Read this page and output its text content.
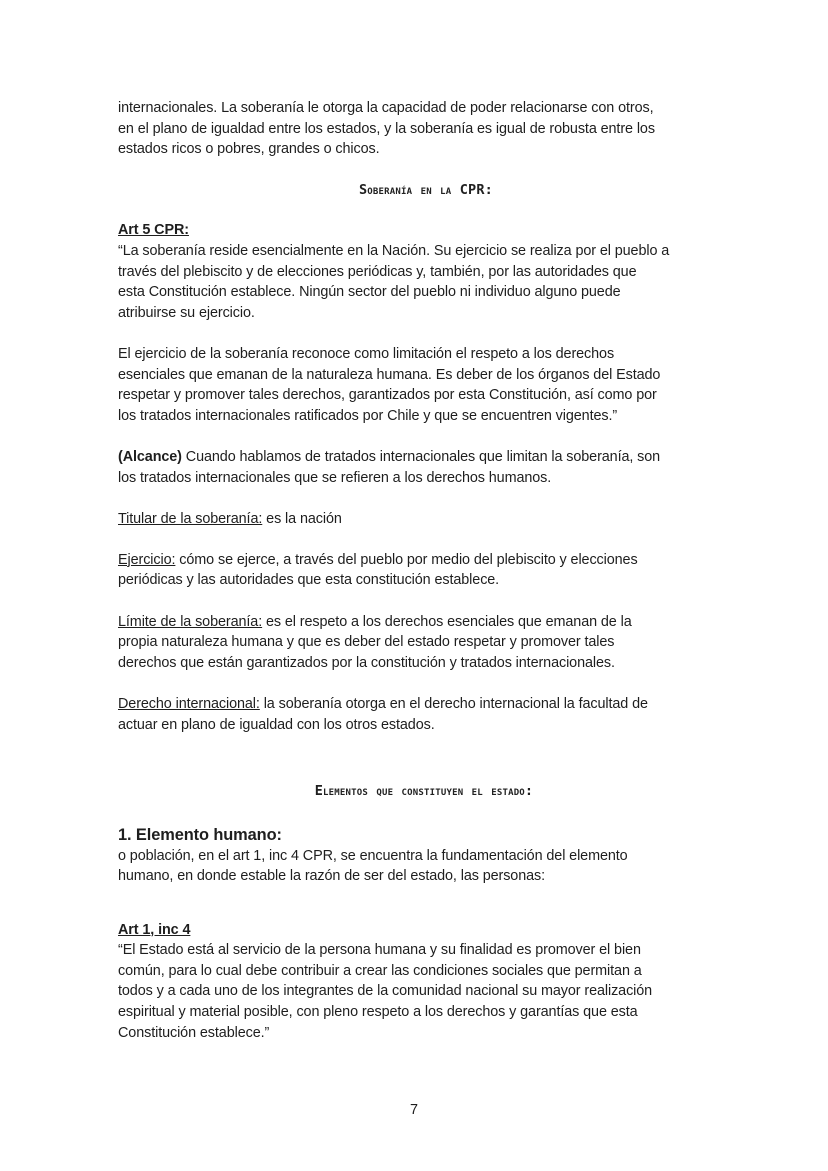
internacionales. La soberanía le otorga la capacidad de poder relacionarse con otros,
en el plano de igualdad entre los estados, y la soberanía es igual de robusta entre los
estados ricos o pobres, grandes o chicos.

Soberanía en la CPR:

Art 5 CPR:
“La soberanía reside esencialmente en la Nación. Su ejercicio se realiza por el pueblo a
través del plebiscito y de elecciones periódicas y, también, por las autoridades que
esta Constitución establece. Ningún sector del pueblo ni individuo alguno puede
atribuirse su ejercicio.

El ejercicio de la soberanía reconoce como limitación el respeto a los derechos
esenciales que emanan de la naturaleza humana. Es deber de los órganos del Estado
respetar y promover tales derechos, garantizados por esta Constitución, así como por
los tratados internacionales ratificados por Chile y que se encuentren vigentes.”

(Alcance) Cuando hablamos de tratados internacionales que limitan la soberanía, son
los tratados internacionales que se refieren a los derechos humanos.

Titular de la soberanía: es la nación

Ejercicio: cómo se ejerce, a través del pueblo por medio del plebiscito y elecciones
periódicas y las autoridades que esta constitución establece.

Límite de la soberanía: es el respeto a los derechos esenciales que emanan de la
propia naturaleza humana y que es deber del estado respetar y promover tales
derechos que están garantizados por la constitución y tratados internacionales.

Derecho internacional: la soberanía otorga en el derecho internacional la facultad de
actuar en plano de igualdad con los otros estados.

Elementos que constituyen el estado:
1. Elemento humano:

o población, en el art 1, inc 4 CPR, se encuentra la fundamentación del elemento
humano, en donde estable la razón de ser del estado, las personas:

Art 1, inc 4
“El Estado está al servicio de la persona humana y su finalidad es promover el bien
común, para lo cual debe contribuir a crear las condiciones sociales que permitan a
todos y a cada uno de los integrantes de la comunidad nacional su mayor realización
espiritual y material posible, con pleno respeto a los derechos y garantías que esta
Constitución establece.”

7
